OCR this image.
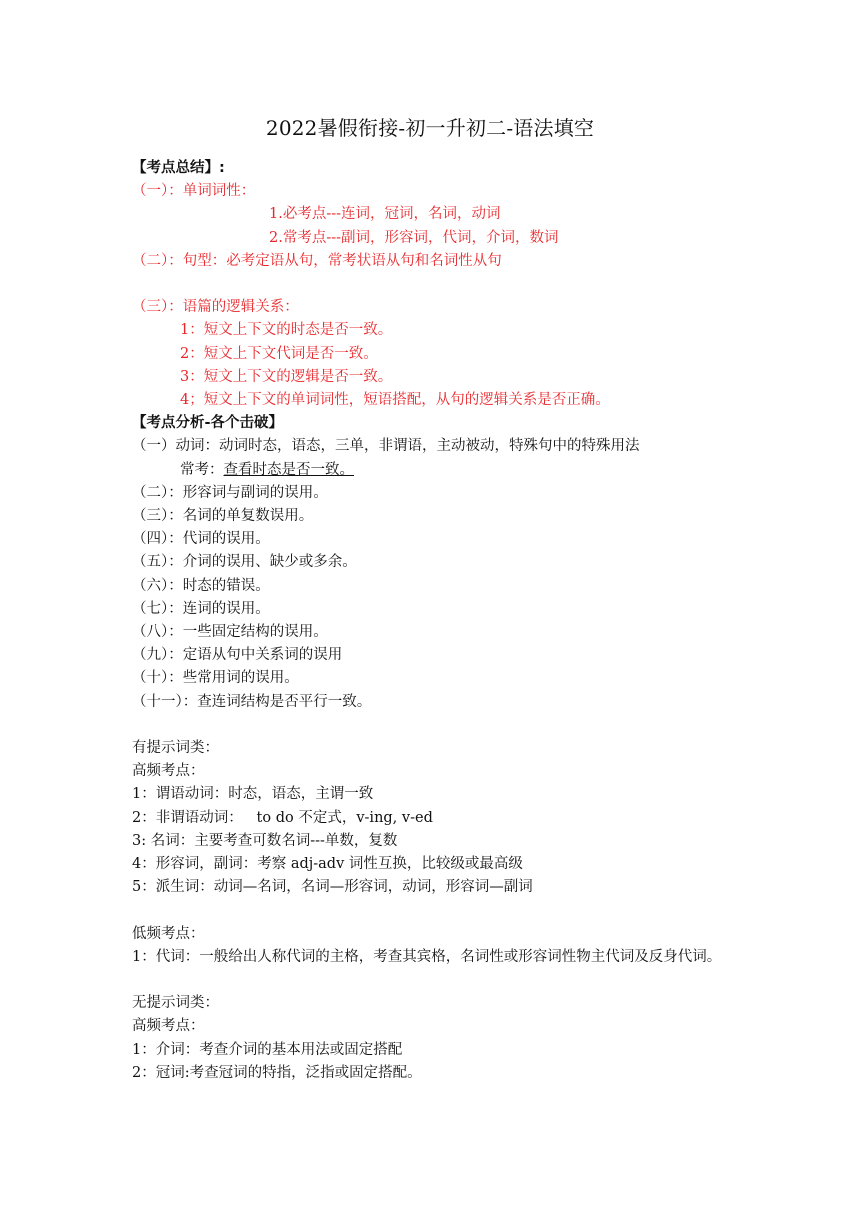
2022暑假衔接-初一升初二-语法填空
【考点总结】:
（一）：单词词性：
1.必考点---连词，冠词，名词，动词
2.常考点---副词，形容词，代词，介词，数词
（二）：句型：必考定语从句，常考状语从句和名词性从句
（三）：语篇的逻辑关系：
1：短文上下文的时态是否一致。
2：短文上下文代词是否一致。
3：短文上下文的逻辑是否一致。
4；短文上下文的单词词性，短语搭配，从句的逻辑关系是否正确。
【考点分析-各个击破】
（一）动词：动词时态，语态，三单，非谓语，主动被动，特殊句中的特殊用法
常考：查看时态是否一致。
（二）：形容词与副词的误用。
（三）：名词的单复数误用。
（四）：代词的误用。
（五）：介词的误用、缺少或多余。
（六）：时态的错误。
（七）：连词的误用。
（八）：一些固定结构的误用。
（九）：定语从句中关系词的误用
（十）：些常用词的误用。
（十一）：查连词结构是否平行一致。
有提示词类：
高频考点：
1：谓语动词：时态，语态，主谓一致
2：非谓语动词：   to do 不定式，v-ing, v-ed
3: 名词：主要考查可数名词---单数，复数
4：形容词，副词：考察 adj-adv 词性互换，比较级或最高级
5：派生词：动词—名词，名词—形容词，动词，形容词—副词
低频考点：
1：代词：一般给出人称代词的主格，考查其宾格，名词性或形容词性物主代词及反身代词。
无提示词类：
高频考点：
1：介词：考查介词的基本用法或固定搭配
2：冠词:考查冠词的特指，泛指或固定搭配。
